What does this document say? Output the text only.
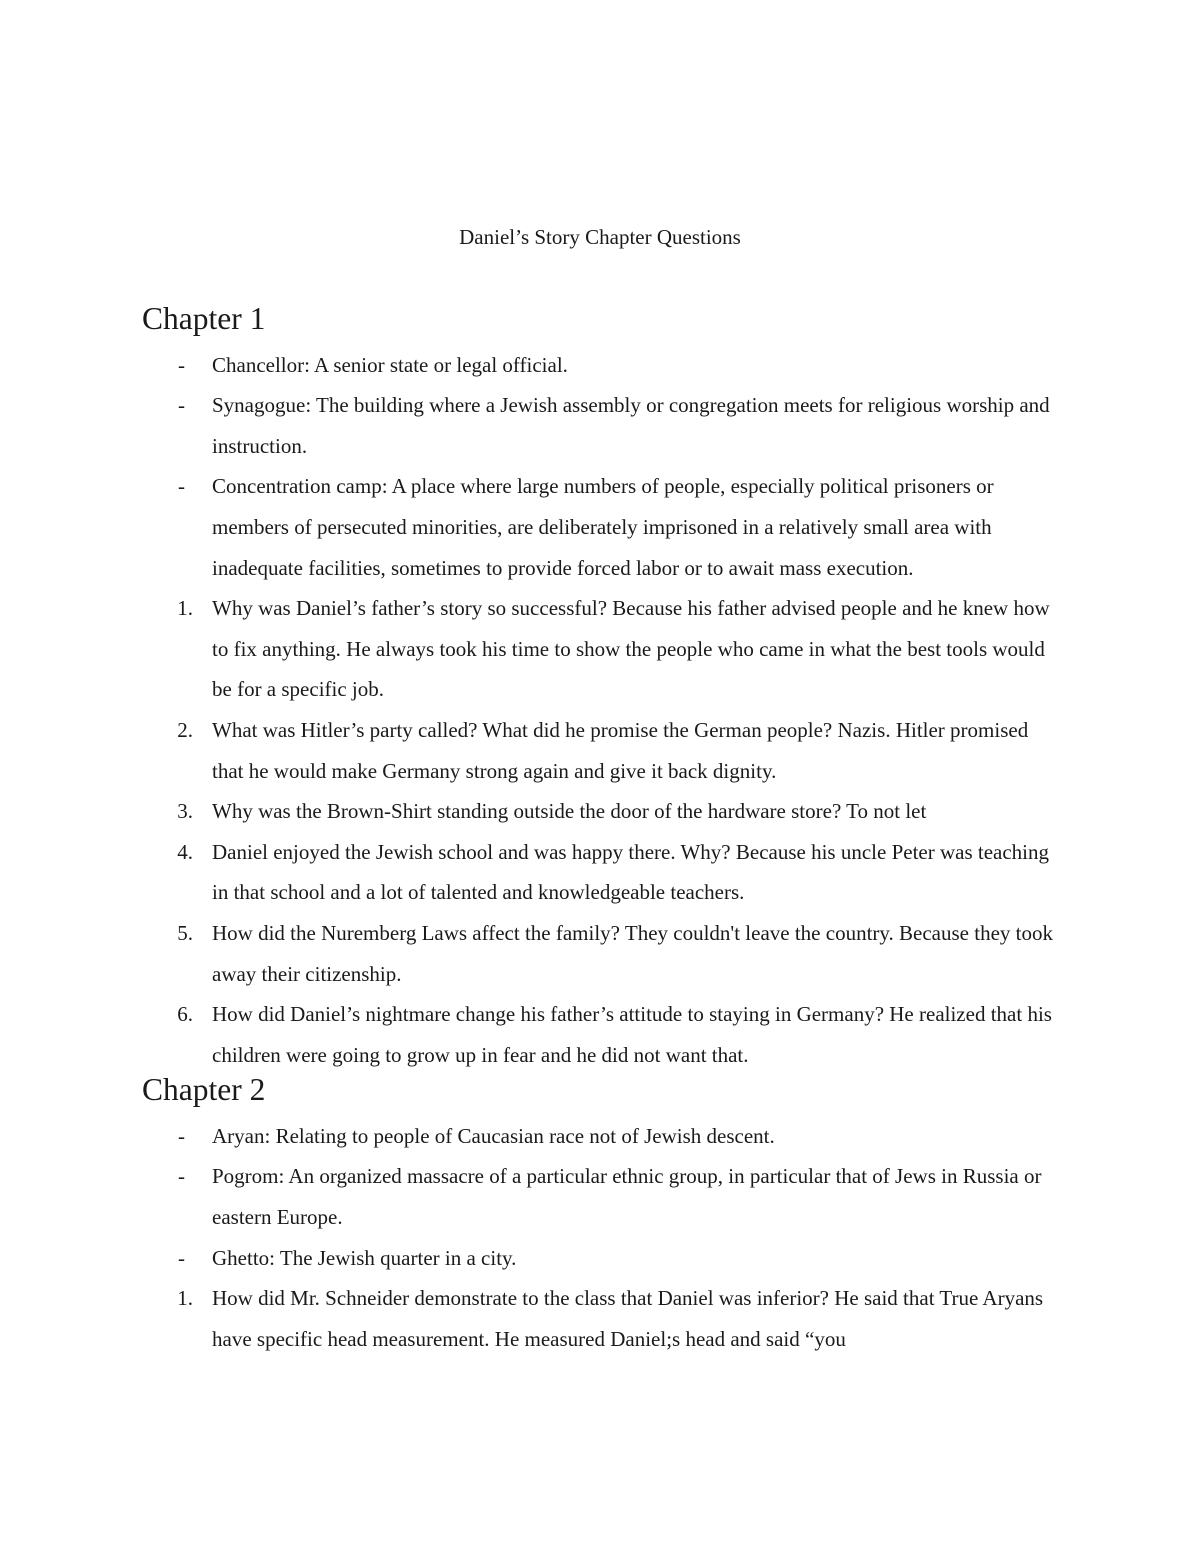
Daniel’s Story Chapter Questions
Chapter 1
- Chancellor: A senior state or legal official.
- Synagogue: The building where a Jewish assembly or congregation meets for religious worship and instruction.
- Concentration camp: A place where large numbers of people, especially political prisoners or members of persecuted minorities, are deliberately imprisoned in a relatively small area with inadequate facilities, sometimes to provide forced labor or to await mass execution.
1. Why was Daniel’s father’s story so successful? Because his father advised people and he knew how to fix anything. He always took his time to show the people who came in what the best tools would be for a specific job.
2. What was Hitler’s party called? What did he promise the German people? Nazis. Hitler promised that he would make Germany strong again and give it back dignity.
3. Why was the Brown-Shirt standing outside the door of the hardware store? To not let
4. Daniel enjoyed the Jewish school and was happy there. Why? Because his uncle Peter was teaching in that school and a lot of talented and knowledgeable teachers.
5. How did the Nuremberg Laws affect the family? They couldn't leave the country. Because they took away their citizenship.
6. How did Daniel’s nightmare change his father’s attitude to staying in Germany? He realized that his children were going to grow up in fear and he did not want that.
Chapter 2
- Aryan: Relating to people of Caucasian race not of Jewish descent.
- Pogrom: An organized massacre of a particular ethnic group, in particular that of Jews in Russia or eastern Europe.
- Ghetto: The Jewish quarter in a city.
1. How did Mr. Schneider demonstrate to the class that Daniel was inferior? He said that True Aryans have specific head measurement. He measured Daniel;s head and said “you
